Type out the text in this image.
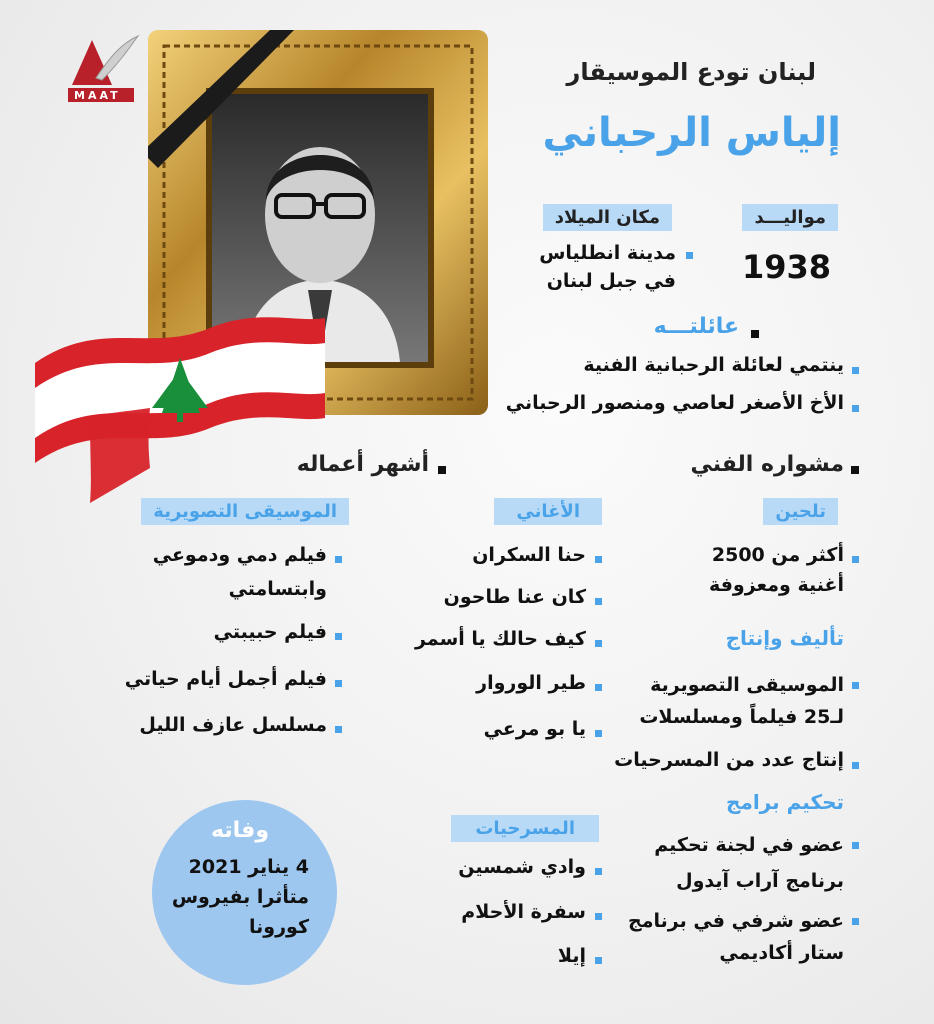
MAAT
لبنان تودع الموسيقار
إلياس الرحباني
مواليـــد
1938
مكان الميلاد
مدينة انطلياس
في جبل لبنان
عائلتـــه
ينتمي لعائلة الرحبانية الفنية
الأخ الأصغر لعاصي ومنصور الرحباني
مشواره الفني
تلحين
أكثر من 2500
أغنية ومعزوفة
تأليف وإنتاج
الموسيقى التصويرية
لـ25 فيلماً ومسلسلات
إنتاج عدد من المسرحيات
تحكيم برامج
عضو في لجنة تحكيم
برنامج آراب آيدول
عضو شرفي في برنامج
ستار أكاديمي
أشهر أعماله
الأغاني
حنا السكران
كان عنا طاحون
كيف حالك يا أسمر
طير الوروار
يا بو مرعي
الموسيقى التصويرية
فيلم دمي ودموعي
وابتسامتي
فيلم حبيبتي
فيلم أجمل أيام حياتي
مسلسل عازف الليل
المسرحيات
وادي شمسين
سفرة الأحلام
إيلا
وفاته
4 يناير 2021
متأثرا بفيروس
كورونا
